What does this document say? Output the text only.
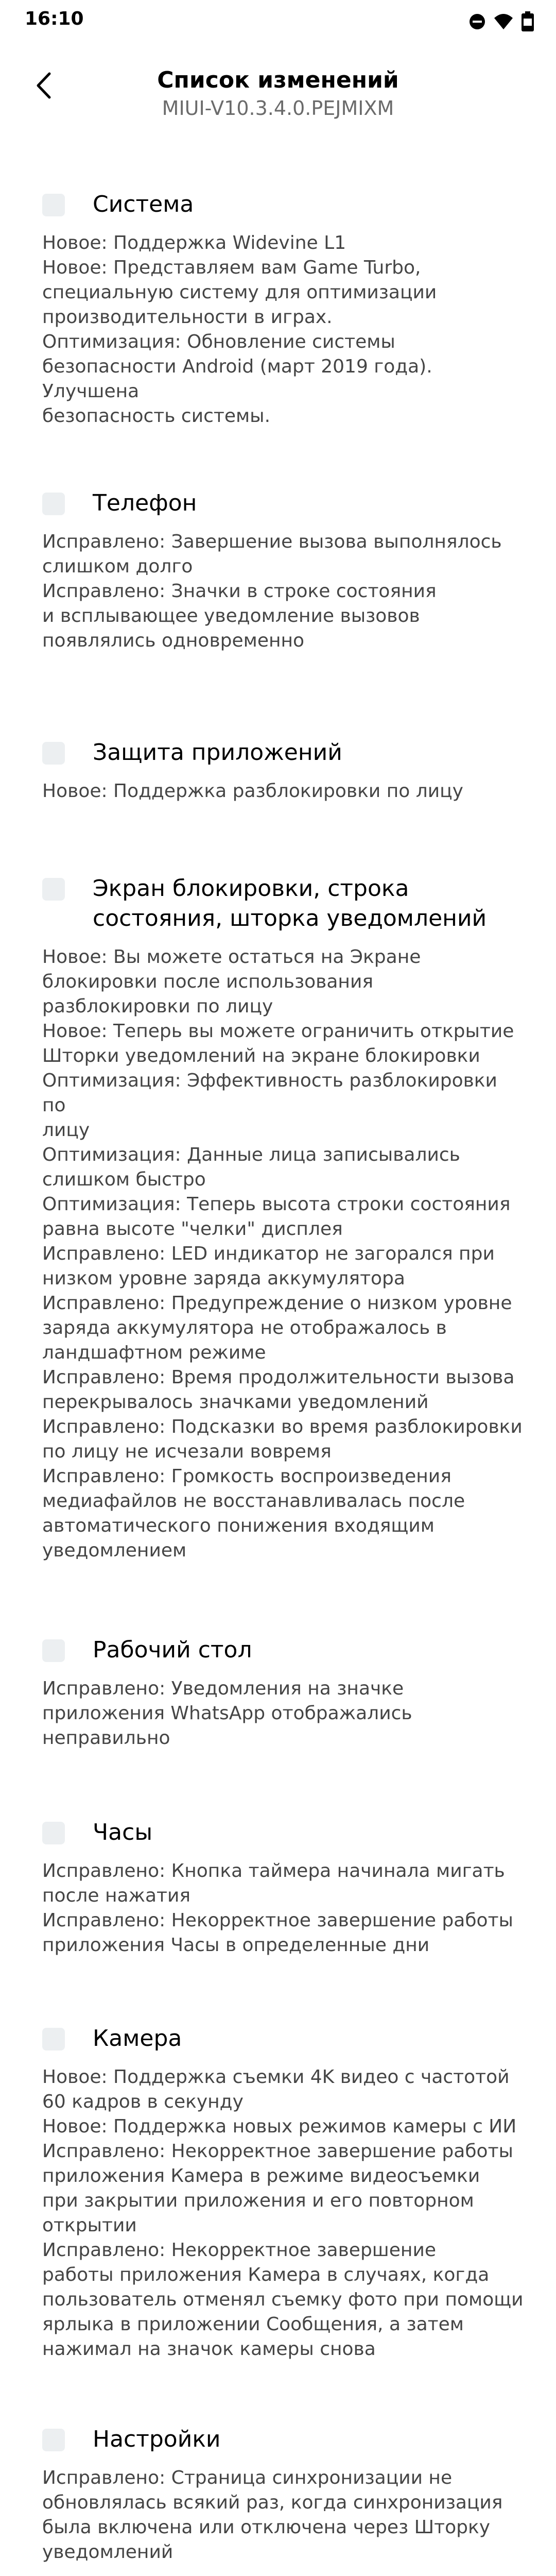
16:10
Список изменений
MIUI-V10.3.4.0.PEJMIXM
Система
Новое: Поддержка Widevine L1
Новое: Представляем вам Game Turbo,
специальную систему для оптимизации
производительности в играх.
Оптимизация: Обновление системы
безопасности Android (март 2019 года). Улучшена
безопасность системы.
Телефон
Исправлено: Завершение вызова выполнялось
слишком долго
Исправлено: Значки в строке состояния
и всплывающее уведомление вызовов
появлялись одновременно
Защита приложений
Новое: Поддержка разблокировки по лицу
Экран блокировки, строка состояния, шторка уведомлений
Новое: Вы можете остаться на Экране
блокировки после использования
разблокировки по лицу
Новое: Теперь вы можете ограничить открытие
Шторки уведомлений на экране блокировки
Оптимизация: Эффективность разблокировки по
лицу
Оптимизация: Данные лица записывались
слишком быстро
Оптимизация: Теперь высота строки состояния
равна высоте "челки" дисплея
Исправлено: LED индикатор не загорался при
низком уровне заряда аккумулятора
Исправлено: Предупреждение о низком уровне
заряда аккумулятора не отображалось в
ландшафтном режиме
Исправлено: Время продолжительности вызова
перекрывалось значками уведомлений
Исправлено: Подсказки во время разблокировки
по лицу не исчезали вовремя
Исправлено: Громкость воспроизведения
медиафайлов не восстанавливалась после
автоматического понижения входящим
уведомлением
Рабочий стол
Исправлено: Уведомления на значке
приложения WhatsApp отображались
неправильно
Часы
Исправлено: Кнопка таймера начинала мигать
после нажатия
Исправлено: Некорректное завершение работы
приложения Часы в определенные дни
Камера
Новое: Поддержка съемки 4K видео с частотой
60 кадров в секунду
Новое: Поддержка новых режимов камеры с ИИ
Исправлено: Некорректное завершение работы
приложения Камера в режиме видеосъемки
при закрытии приложения и его повторном
открытии
Исправлено: Некорректное завершение
работы приложения Камера в случаях, когда
пользователь отменял съемку фото при помощи
ярлыка в приложении Сообщения, а затем
нажимал на значок камеры снова
Настройки
Исправлено: Страница синхронизации не
обновлялась всякий раз, когда синхронизация
была включена или отключена через Шторку
уведомлений
